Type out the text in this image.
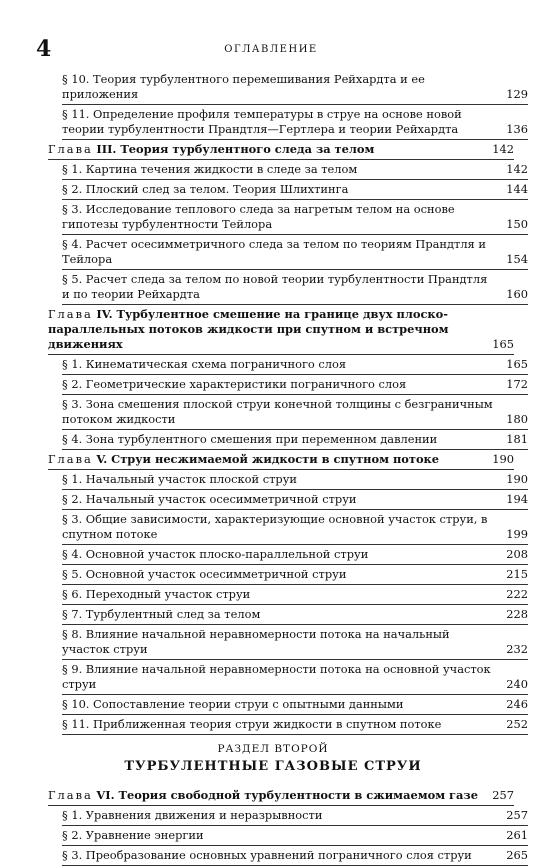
4	ОГЛАВЛЕНИЕ
§ 10. Теория турбулентного перемешивания Рейхардта и ее приложения	129
§ 11. Определение профиля температуры в струе на основе новой теории турбулентности Прандтля—Гертлера и теории Рейхардта	136
Глава III. Теория турбулентного следа за телом	142
§ 1. Картина течения жидкости в следе за телом	142
§ 2. Плоский след за телом. Теория Шлихтинга	144
§ 3. Исследование теплового следа за нагретым телом на основе гипотезы турбулентности Тейлора	150
§ 4. Расчет осесимметричного следа за телом по теориям Прандтля и Тейлора	154
§ 5. Расчет следа за телом по новой теории турбулентности Прандтля и по теории Рейхардта	160
Глава IV. Турбулентное смешение на границе двух плоско-параллельных потоков жидкости при спутном и встречном движениях	165
§ 1. Кинематическая схема пограничного слоя	165
§ 2. Геометрические характеристики пограничного слоя	172
§ 3. Зона смешения плоской струи конечной толщины с безграничным потоком жидкости	180
§ 4. Зона турбулентного смешения при переменном давлении	181
Глава V. Струи несжимаемой жидкости в спутном потоке	190
§ 1. Начальный участок плоской струи	190
§ 2. Начальный участок осесимметричной струи	194
§ 3. Общие зависимости, характеризующие основной участок струи, в спутном потоке	199
§ 4. Основной участок плоско-параллельной струи	208
§ 5. Основной участок осесимметричной струи	215
§ 6. Переходный участок струи	222
§ 7. Турбулентный след за телом	228
§ 8. Влияние начальной неравномерности потока на начальный участок струи	232
§ 9. Влияние начальной неравномерности потока на основной участок струи	240
§ 10. Сопоставление теории струи с опытными данными	246
§ 11. Приближенная теория струи жидкости в спутном потоке	252
РАЗДЕЛ ВТОРОЙ
ТУРБУЛЕНТНЫЕ ГАЗОВЫЕ СТРУИ
Глава VI. Теория свободной турбулентности в сжимаемом газе 257
§ 1. Уравнения движения и неразрывности	257
§ 2. Уравнение энергии	261
§ 3. Преобразование основных уравнений пограничного слоя струи	265
